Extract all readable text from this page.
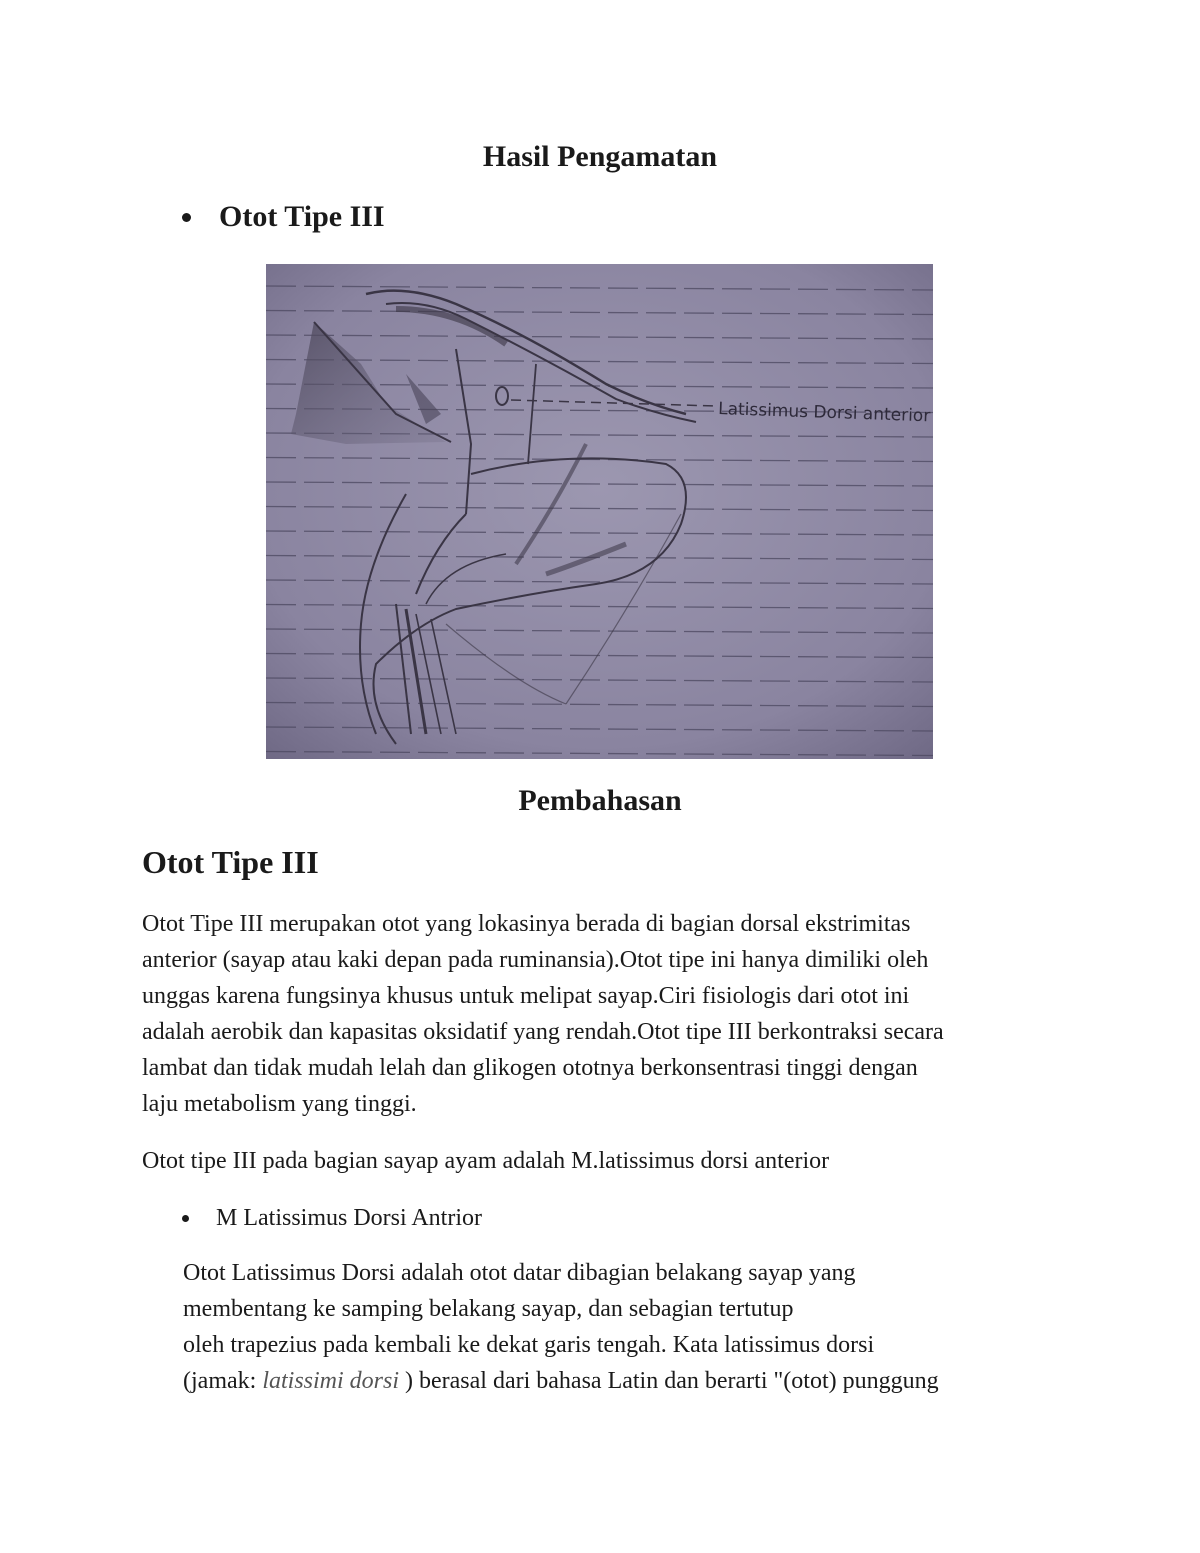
Hasil Pengamatan
Otot Tipe III
Latissimus Dorsi anterior
Pembahasan
Otot Tipe III

Otot Tipe III merupakan otot yang lokasinya berada di bagian dorsal ekstrimitas
anterior (sayap atau kaki depan pada ruminansia).Otot tipe ini hanya dimiliki oleh
unggas karena fungsinya khusus untuk melipat sayap.Ciri fisiologis dari otot ini
adalah aerobik dan kapasitas oksidatif yang rendah.Otot tipe III berkontraksi secara
lambat dan tidak mudah lelah dan glikogen ototnya berkonsentrasi tinggi dengan
laju metabolism yang tinggi.

Otot tipe III pada bagian sayap ayam adalah M.latissimus dorsi anterior

M Latissimus Dorsi Antrior

Otot Latissimus Dorsi adalah otot datar dibagian belakang sayap yang
membentang ke samping belakang sayap, dan sebagian tertutup
oleh trapezius pada kembali ke dekat garis tengah. Kata latissimus dorsi
(jamak: latissimi dorsi ) berasal dari bahasa Latin dan berarti "(otot) punggung
